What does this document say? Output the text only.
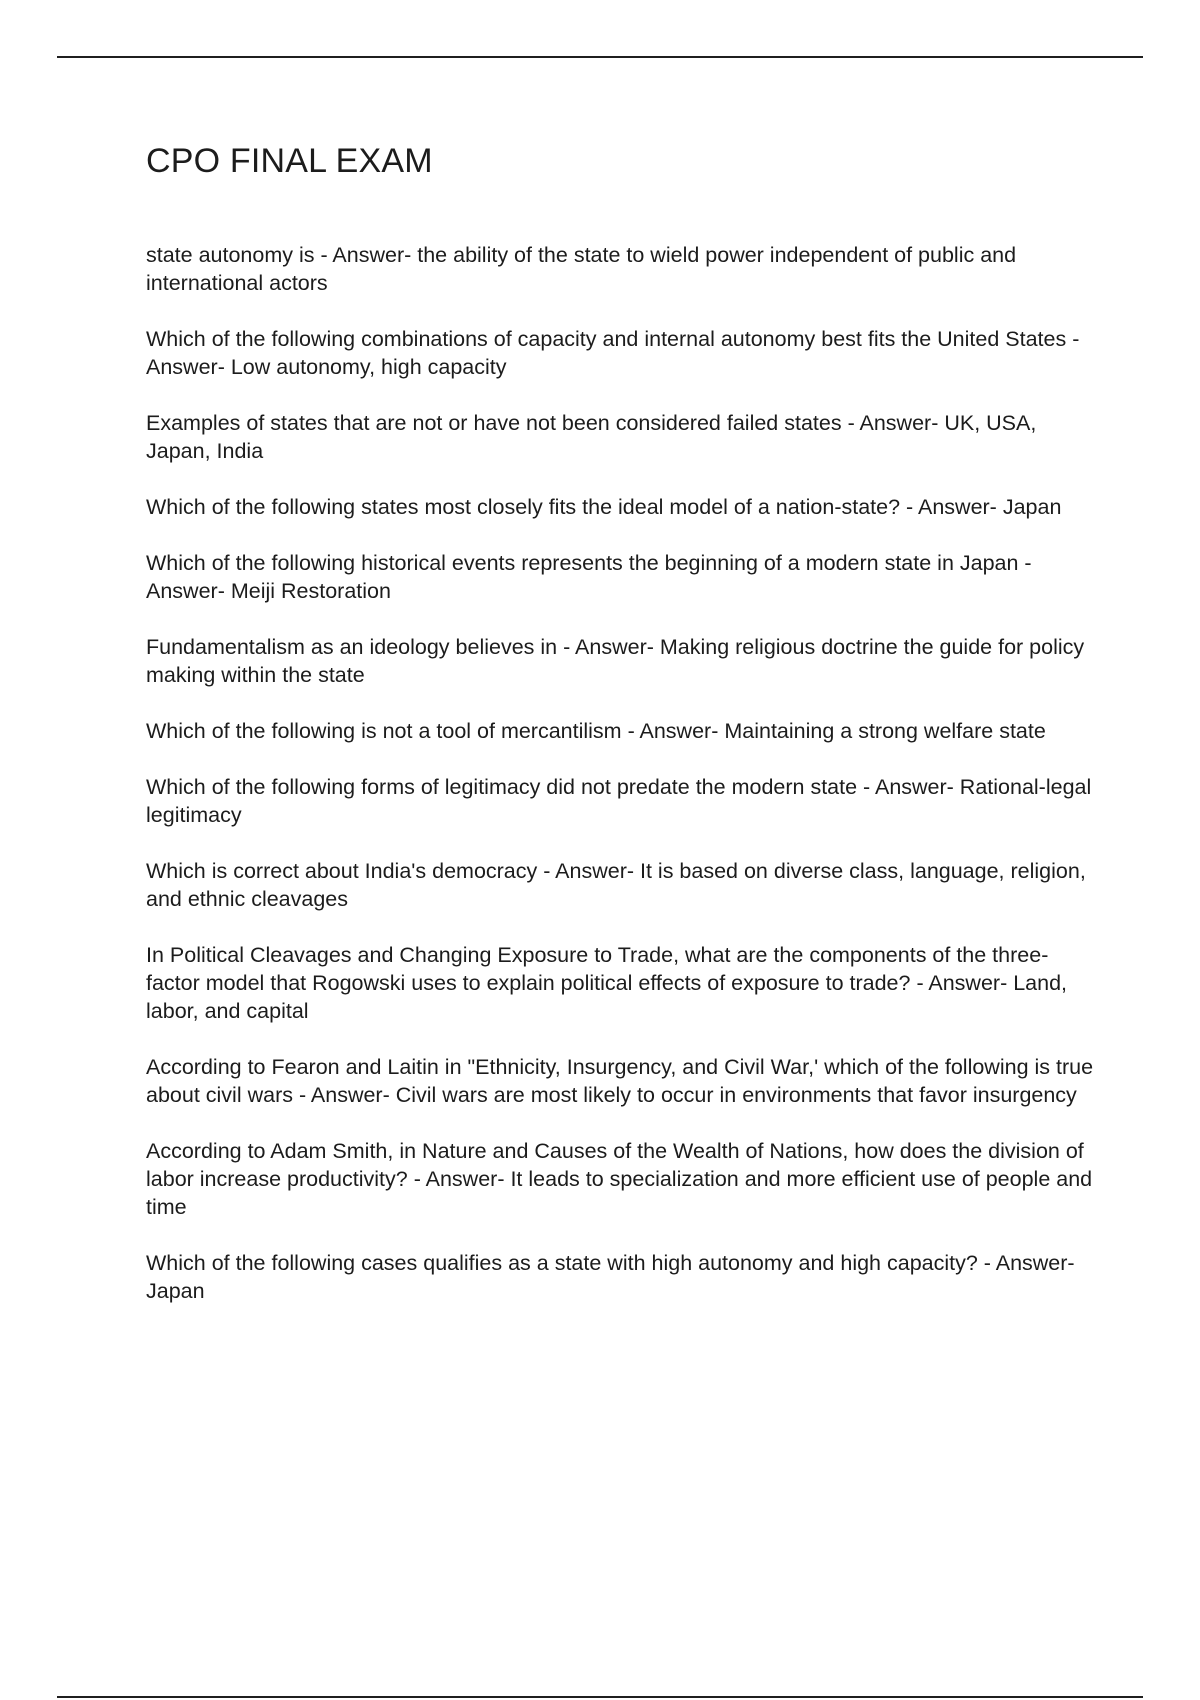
CPO FINAL EXAM
state autonomy is - Answer- the ability of the state to wield power independent of public and international actors
Which of the following combinations of capacity and internal autonomy best fits the United States - Answer- Low autonomy, high capacity
Examples of states that are not or have not been considered failed states - Answer- UK, USA, Japan, India
Which of the following states most closely fits the ideal model of a nation-state? - Answer- Japan
Which of the following historical events represents the beginning of a modern state in Japan - Answer- Meiji Restoration
Fundamentalism as an ideology believes in - Answer- Making religious doctrine the guide for policy making within the state
Which of the following is not a tool of mercantilism - Answer- Maintaining a strong welfare state
Which of the following forms of legitimacy did not predate the modern state - Answer- Rational-legal legitimacy
Which is correct about India's democracy - Answer- It is based on diverse class, language, religion, and ethnic cleavages
In Political Cleavages and Changing Exposure to Trade, what are the components of the three-factor model that Rogowski uses to explain political effects of exposure to trade? - Answer- Land, labor, and capital
According to Fearon and Laitin in "Ethnicity, Insurgency, and Civil War,' which of the following is true about civil wars - Answer- Civil wars are most likely to occur in environments that favor insurgency
According to Adam Smith, in Nature and Causes of the Wealth of Nations, how does the division of labor increase productivity? - Answer- It leads to specialization and more efficient use of people and time
Which of the following cases qualifies as a state with high autonomy and high capacity? - Answer- Japan
